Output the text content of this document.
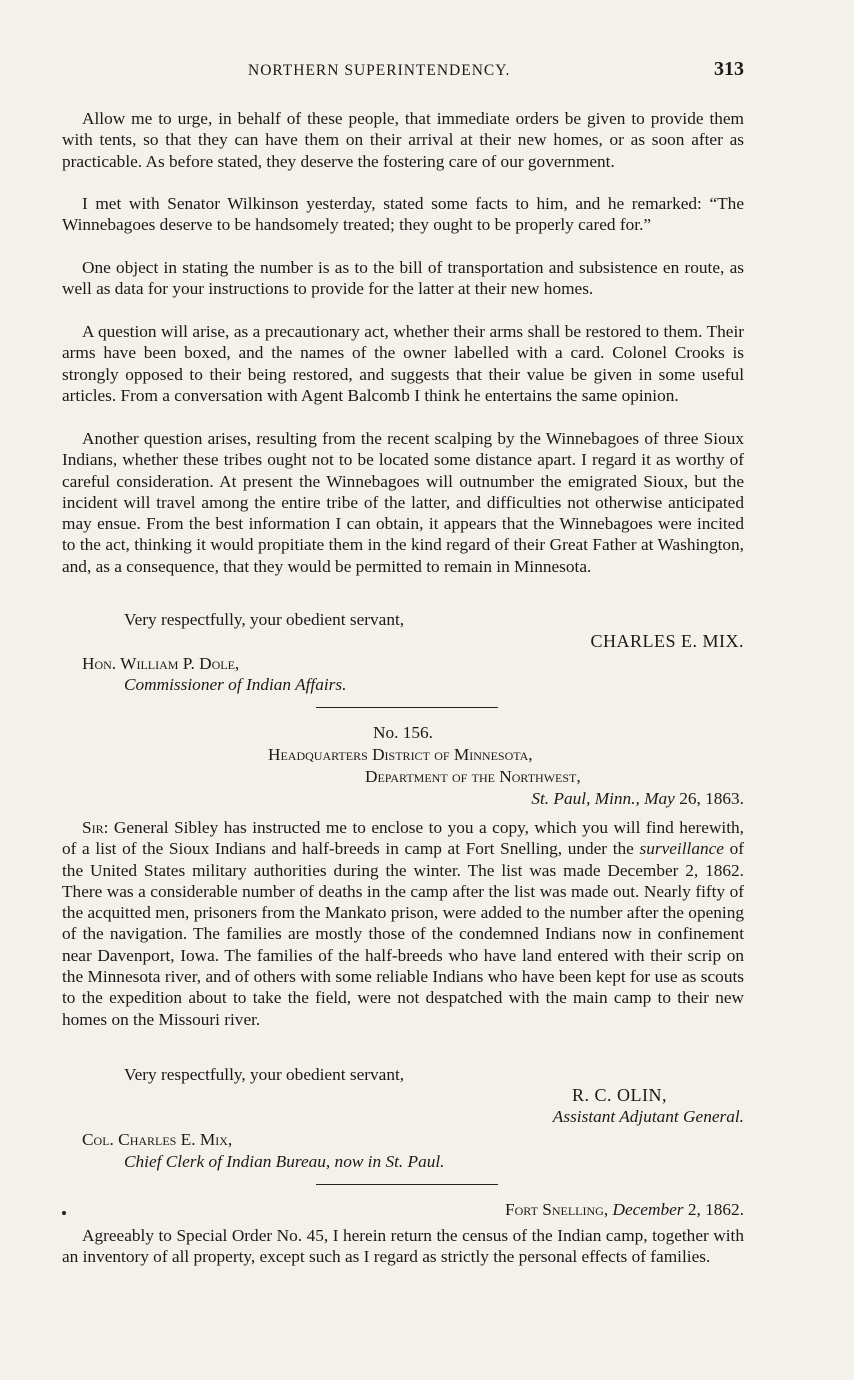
NORTHERN SUPERINTENDENCY.	313

Allow me to urge, in behalf of these people, that immediate orders be given to provide them with tents, so that they can have them on their arrival at their new homes, or as soon after as practicable. As before stated, they deserve the fostering care of our government.

I met with Senator Wilkinson yesterday, stated some facts to him, and he remarked: “The Winnebagoes deserve to be handsomely treated; they ought to be properly cared for.”

One object in stating the number is as to the bill of transportation and subsistence en route, as well as data for your instructions to provide for the latter at their new homes.

A question will arise, as a precautionary act, whether their arms shall be restored to them. Their arms have been boxed, and the names of the owner labelled with a card. Colonel Crooks is strongly opposed to their being restored, and suggests that their value be given in some useful articles. From a conversation with Agent Balcomb I think he entertains the same opinion.

Another question arises, resulting from the recent scalping by the Winnebagoes of three Sioux Indians, whether these tribes ought not to be located some distance apart. I regard it as worthy of careful consideration. At present the Winnebagoes will outnumber the emigrated Sioux, but the incident will travel among the entire tribe of the latter, and difficulties not otherwise anticipated may ensue. From the best information I can obtain, it appears that the Winnebagoes were incited to the act, thinking it would propitiate them in the kind regard of their Great Father at Washington, and, as a consequence, that they would be permitted to remain in Minnesota.

Very respectfully, your obedient servant,
CHARLES E. MIX.
Hon. William P. Dole,
Commissioner of Indian Affairs.
No. 156.
Headquarters District of Minnesota,
Department of the Northwest,
St. Paul, Minn., May 26, 1863.

Sir: General Sibley has instructed me to enclose to you a copy, which you will find herewith, of a list of the Sioux Indians and half-breeds in camp at Fort Snelling, under the surveillance of the United States military authorities during the winter. The list was made December 2, 1862. There was a considerable number of deaths in the camp after the list was made out. Nearly fifty of the acquitted men, prisoners from the Mankato prison, were added to the number after the opening of the navigation. The families are mostly those of the condemned Indians now in confinement near Davenport, Iowa. The families of the half-breeds who have land entered with their scrip on the Minnesota river, and of others with some reliable Indians who have been kept for use as scouts to the expedition about to take the field, were not despatched with the main camp to their new homes on the Missouri river.

Very respectfully, your obedient servant,
R. C. OLIN,
Assistant Adjutant General.
Col. Charles E. Mix,
Chief Clerk of Indian Bureau, now in St. Paul.
Fort Snelling, December 2, 1862.

Agreeably to Special Order No. 45, I herein return the census of the Indian camp, together with an inventory of all property, except such as I regard as strictly the personal effects of families.
